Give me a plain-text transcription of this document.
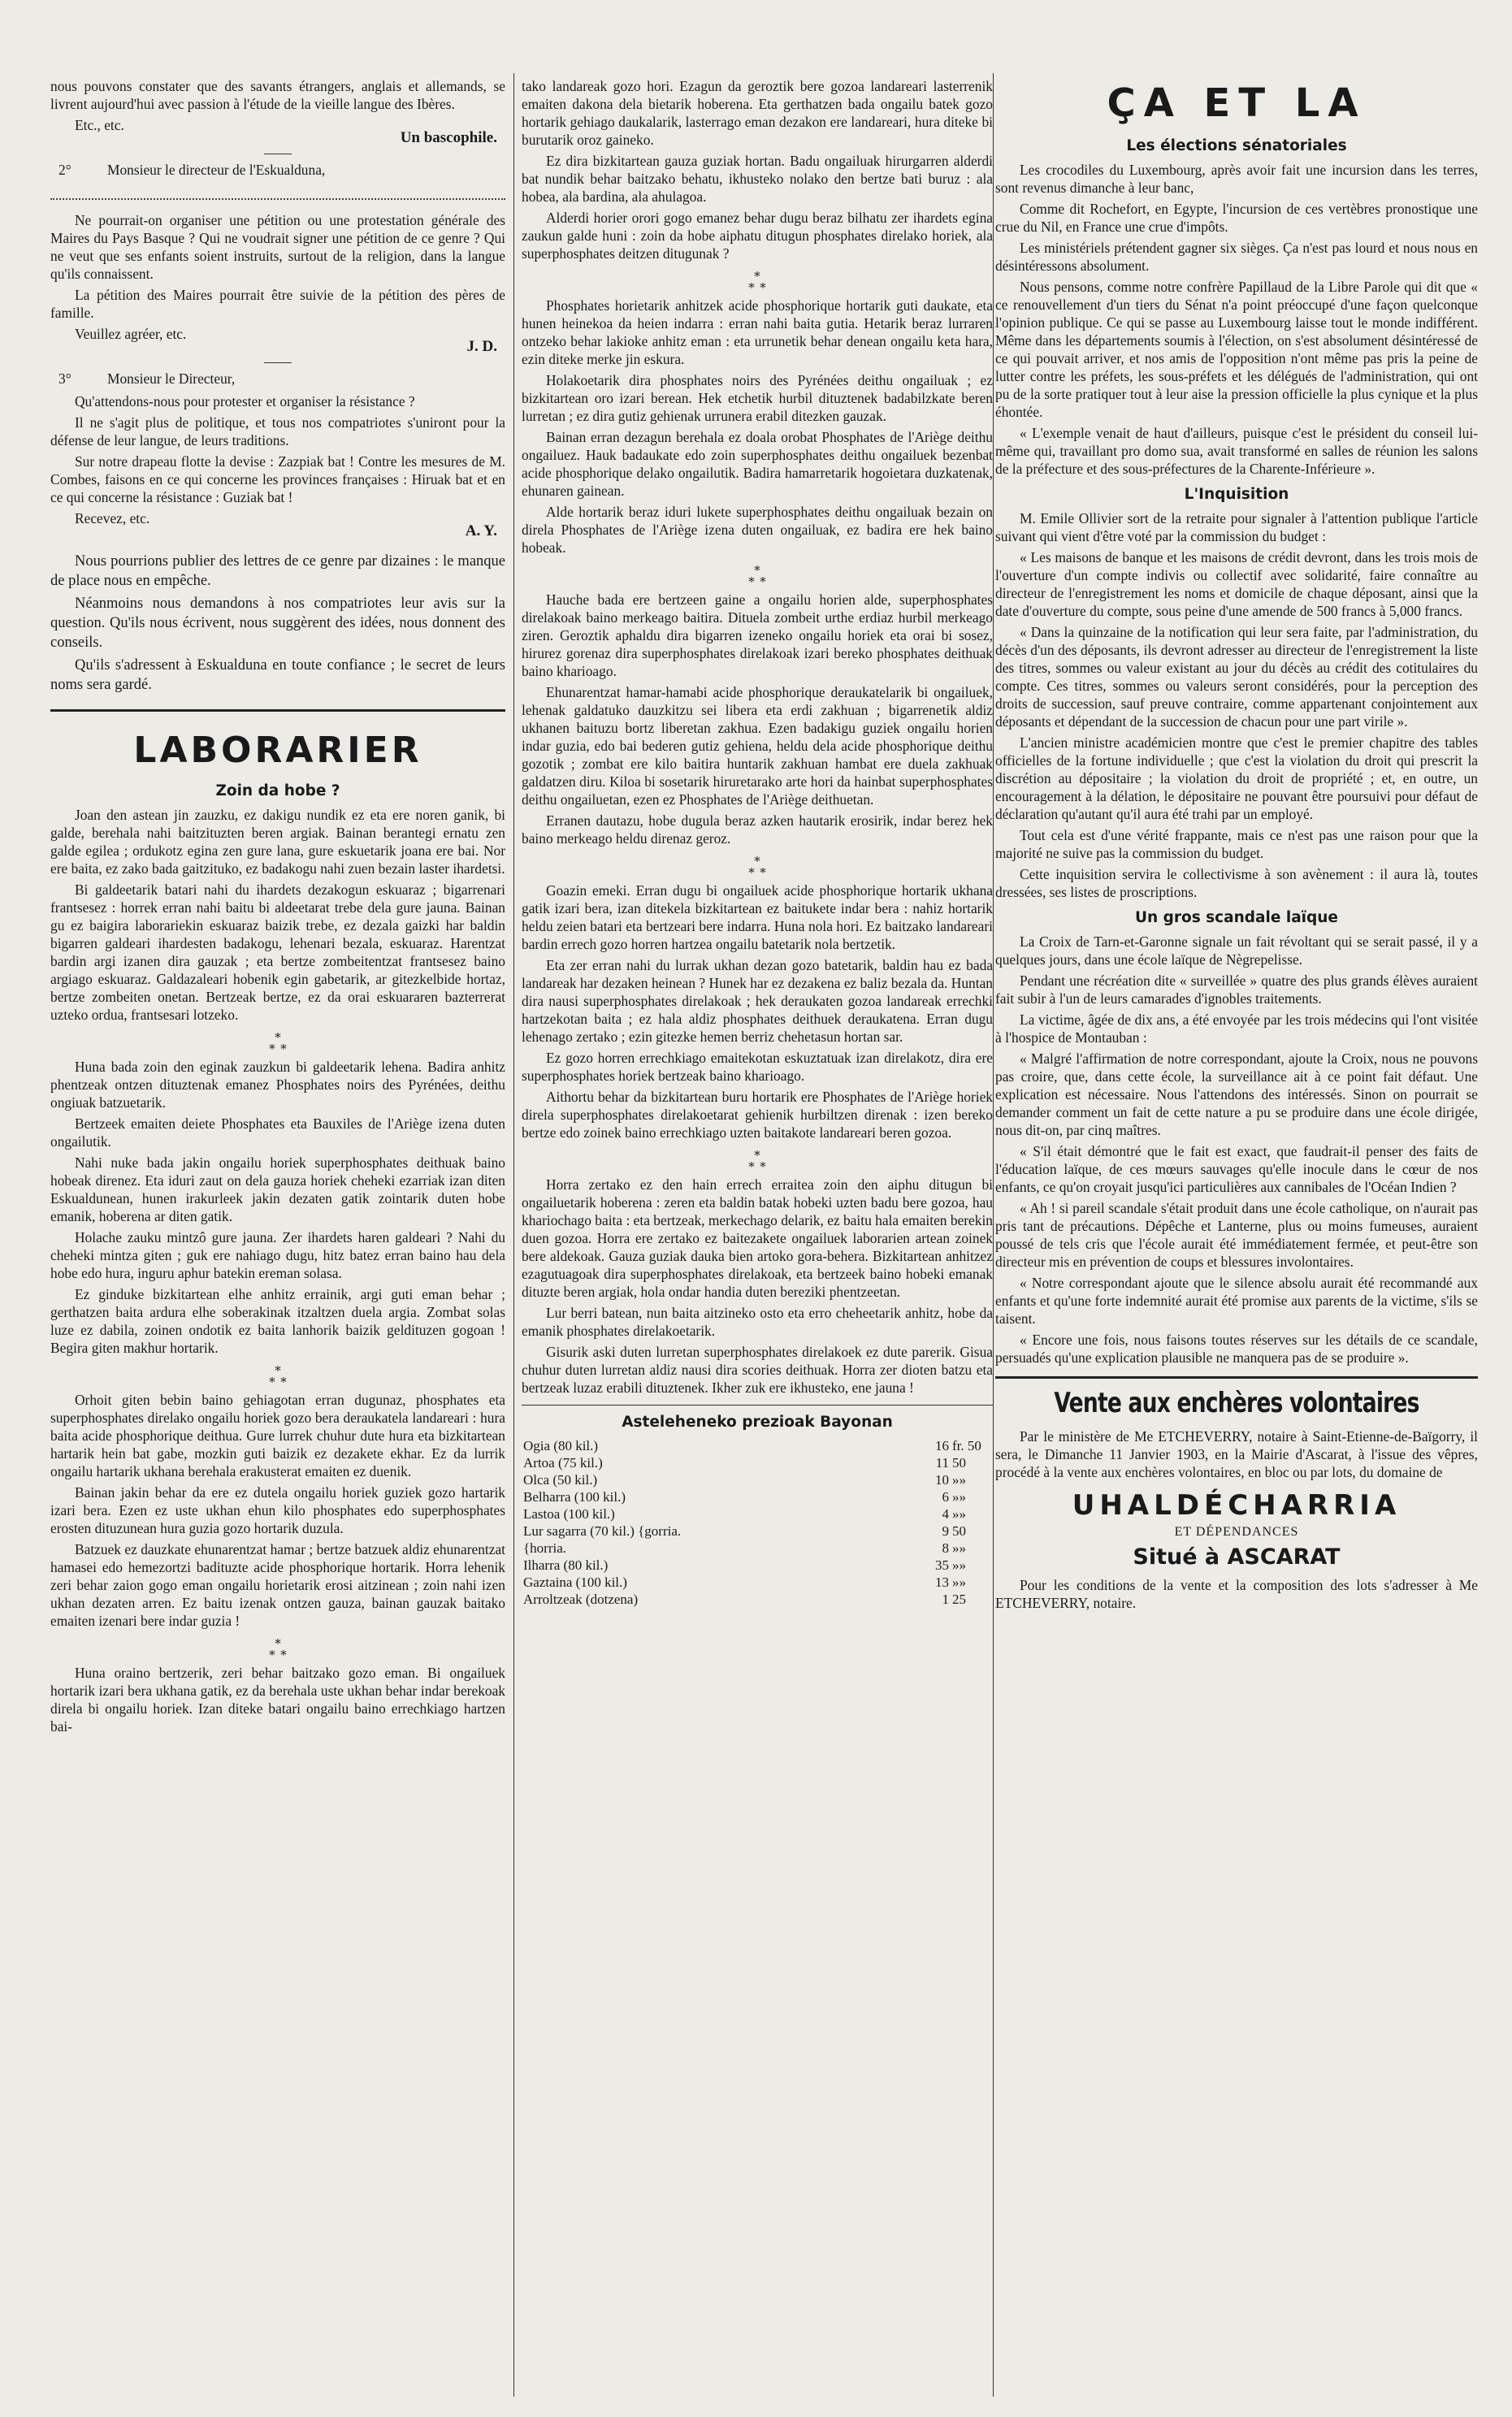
nous pouvons constater que des savants étrangers, anglais et allemands, se livrent aujourd'hui avec passion à l'étude de la vieille langue des Ibères.

Etc., etc.

Un bascophile.
2°	Monsieur le directeur de l'Eskualduna,

Ne pourrait-on organiser une pétition ou une protestation générale des Maires du Pays Basque ? Qui ne voudrait signer une pétition de ce genre ? Qui ne veut que ses enfants soient instruits, surtout de la religion, dans la langue qu'ils connaissent.

La pétition des Maires pourrait être suivie de la pétition des pères de famille.

Veuillez agréer, etc.

J. D.
3°	Monsieur le Directeur,

Qu'attendons-nous pour protester et organiser la résistance ?

Il ne s'agit plus de politique, et tous nos compatriotes s'uniront pour la défense de leur langue, de leurs traditions.

Sur notre drapeau flotte la devise : Zazpiak bat ! Contre les mesures de M. Combes, faisons en ce qui concerne les provinces françaises : Hiruak bat et en ce qui concerne la résistance : Guziak bat !

Recevez, etc.

A. Y.

Nous pourrions publier des lettres de ce genre par dizaines : le manque de place nous en empêche.

Néanmoins nous demandons à nos compatriotes leur avis sur la question. Qu'ils nous écrivent, nous suggèrent des idées, nous donnent des conseils.

Qu'ils s'adressent à Eskualduna en toute confiance ; le secret de leurs noms sera gardé.

LABORARIER
Zoin da hobe ?

Joan den astean jin zauzku, ez dakigu nundik ez eta ere noren ganik, bi galde, berehala nahi baitzituzten beren argiak. Bainan berantegi ernatu zen galde egilea ; ordukotz egina zen gure lana, gure eskuetarik joana ere bai. Nor ere baita, ez zako bada gaitzituko, ez badakogu nahi zuen bezain laster ihardetsi.

Bi galdeetarik batari nahi du ihardets dezakogun eskuaraz ; bigarrenari frantsesez : horrek erran nahi baitu bi aldeetarat trebe dela gure jauna. Bainan gu ez baigira laborariekin eskuaraz baizik trebe, ez dezala gaizki har baldin bigarren galdeari ihardesten badakogu, lehenari bezala, eskuaraz. Harentzat bardin argi izanen dira gauzak ; eta bertze zombeitentzat frantsesez baino argiago eskuaraz. Galdazaleari hobenik egin gabetarik, ar gitezkelbide hortaz, bertze zombeiten onetan. Bertzeak bertze, ez da orai eskuararen bazterrerat uzteko ordua, frantsesari lotzeko.

∗
∗ ∗

Huna bada zoin den eginak zauzkun bi galdeetarik lehena. Badira anhitz phentzeak ontzen dituztenak emanez Phosphates noirs des Pyrénées, deithu ongiuak batzuetarik.

Bertzeek emaiten deiete Phosphates eta Bauxiles de l'Ariège izena duten ongailutik.

Nahi nuke bada jakin ongailu horiek superphosphates deithuak baino hobeak direnez. Eta iduri zaut on dela gauza horiek cheheki ezarriak izan diten Eskualdunean, hunen irakurleek jakin dezaten gatik zointarik duten hobe emanik, hoberena ar diten gatik.

Holache zauku mintzô gure jauna. Zer ihardets haren galdeari ? Nahi du cheheki mintza giten ; guk ere nahiago dugu, hitz batez erran baino hau dela hobe edo hura, inguru aphur batekin ereman solasa.

Ez ginduke bizkitartean elhe anhitz errainik, argi guti eman behar ; gerthatzen baita ardura elhe soberakinak itzaltzen duela argia. Zombat solas luze ez dabila, zoinen ondotik ez baita lanhorik baizik geldituzen gogoan ! Begira giten makhur hortarik.

∗
∗ ∗

Orhoit giten bebin baino gehiagotan erran dugunaz, phosphates eta superphosphates direlako ongailu horiek gozo bera deraukatela landareari : hura baita acide phosphorique deithua. Gure lurrek chuhur dute hura eta bizkitartean hartarik hein bat gabe, mozkin guti baizik ez dezakete ekhar. Ez da lurrik ongailu hartarik ukhana berehala erakusterat emaiten ez duenik.

Bainan jakin behar da ere ez dutela ongailu horiek guziek gozo hartarik izari bera. Ezen ez uste ukhan ehun kilo phosphates edo superphosphates erosten dituzunean hura guzia gozo hortarik duzula.

Batzuek ez dauzkate ehunarentzat hamar ; bertze batzuek aldiz ehunarentzat hamasei edo hemezortzi badituzte acide phosphorique hortarik. Horra lehenik zeri behar zaion gogo eman ongailu horietarik erosi aitzinean ; zoin nahi izen ukhan dezaten arren. Ez baitu izenak ontzen gauza, bainan gauzak baitako emaiten izenari bere indar guzia !

∗
∗ ∗

Huna oraino bertzerik, zeri behar baitzako gozo eman. Bi ongailuek hortarik izari bera ukhana gatik, ez da berehala uste ukhan behar indar berekoak direla bi ongailu horiek. Izan diteke batari ongailu baino errechkiago hartzen bai-

tako landareak gozo hori. Ezagun da geroztik bere gozoa landareari lasterrenik emaiten dakona dela bietarik hoberena. Eta gerthatzen bada ongailu batek gozo hortarik gehiago daukalarik, lasterrago eman dezakon ere landareari, hura diteke bi burutarik oroz gaineko.

Ez dira bizkitartean gauza guziak hortan. Badu ongailuak hirurgarren alderdi bat nundik behar baitzako behatu, ikhusteko nolako den bertze bati buruz : ala hobea, ala bardina, ala ahulagoa.

Alderdi horier orori gogo emanez behar dugu beraz bilhatu zer ihardets egina zaukun galde huni : zoin da hobe aiphatu ditugun phosphates direlako horiek, ala superphosphates deitzen ditugunak ?

∗
∗ ∗

Phosphates horietarik anhitzek acide phosphorique hortarik guti daukate, eta hunen heinekoa da heien indarra : erran nahi baita gutia. Hetarik beraz lurraren ontzeko behar lakioke anhitz eman : eta urrunetik behar denean ongailu keta hara, ezin diteke merke jin eskura.

Holakoetarik dira phosphates noirs des Pyrénées deithu ongailuak ; ez bizkitartean oro izari berean. Hek etchetik hurbil dituztenek badabilzkate beren lurretan ; ez dira gutiz gehienak urrunera erabil ditezken gauzak.

Bainan erran dezagun berehala ez doala orobat Phosphates de l'Ariège deithu ongailuez. Hauk badaukate edo zoin superphosphates deithu ongailuek bezenbat acide phosphorique delako ongailutik. Badira hamarretarik hogoietara duzkatenak, ehunaren gainean.

Alde hortarik beraz iduri lukete superphosphates deithu ongailuak bezain on direla Phosphates de l'Ariège izena duten ongailuak, ez badira ere hek baino hobeak.

∗
∗ ∗

Hauche bada ere bertzeen gaine a ongailu horien alde, superphosphates direlakoak baino merkeago baitira. Dituela zombeit urthe erdiaz hurbil merkeago ziren. Geroztik aphaldu dira bigarren izeneko ongailu horiek eta orai bi sosez, hirurez gorenaz dira superphosphates direlakoak izari bereko phosphates deithuak baino kharioago.

Ehunarentzat hamar-hamabi acide phosphorique deraukatelarik bi ongailuek, lehenak galdatuko dauzkitzu sei libera eta erdi zakhuan ; bigarrenetik aldiz ukhanen baituzu bortz liberetan zakhua. Ezen badakigu guziek ongailu horien indar guzia, edo bai bederen gutiz gehiena, heldu dela acide phosphorique deithu gozotik ; zombat ere kilo baitira huntarik zakhuan hambat ere duela zakhuak galdatzen diru. Kiloa bi sosetarik hiruretarako arte hori da hainbat superphosphates deithu ongailuetan, ezen ez Phosphates de l'Ariège deithuetan.

Erranen dautazu, hobe dugula beraz azken hautarik erosirik, indar berez hek baino merkeago heldu direnaz geroz.

∗
∗ ∗

Goazin emeki. Erran dugu bi ongailuek acide phosphorique hortarik ukhana gatik izari bera, izan ditekela bizkitartean ez baitukete indar bera : nahiz hortarik heldu zeien batari eta bertzeari bere indarra. Huna nola hori. Ez baitzako landareari bardin errech gozo horren hartzea ongailu batetarik nola bertzetik.

Eta zer erran nahi du lurrak ukhan dezan gozo batetarik, baldin hau ez bada landareak har dezaken heinean ? Hunek har ez dezakena ez baliz bezala da. Huntan dira nausi superphosphates direlakoak ; hek deraukaten gozoa landareak errechki hartzekotan baita ; ez hala aldiz phosphates deithuek deraukatena. Erran dugu lehenago zertako ; ezin gitezke hemen berriz chehetasun hortan sar.

Ez gozo horren errechkiago emaitekotan eskuztatuak izan direlakotz, dira ere superphosphates horiek bertzeak baino kharioago.

Aithortu behar da bizkitartean buru hortarik ere Phosphates de l'Ariège horiek direla superphosphates direlakoetarat gehienik hurbiltzen direnak : izen bereko bertze edo zoinek baino errechkiago uzten baitakote landareari beren gozoa.

∗
∗ ∗

Horra zertako ez den hain errech erraitea zoin den aiphu ditugun bi ongailuetarik hoberena : zeren eta baldin batak hobeki uzten badu bere gozoa, hau khariochago baita : eta bertzeak, merkechago delarik, ez baitu hala emaiten berekin duen gozoa. Horra ere zertako ez baitezakete ongailuek laborarien artean zoinek bere aldekoak. Gauza guziak dauka bien artoko gora-behera. Bizkitartean anhitzez ezagutuagoak dira superphosphates direlakoak, eta bertzeek baino hobeki emanak dituzte beren argiak, hola ondar handia duten bereziki phentzeetan.

Lur berri batean, nun baita aitzineko osto eta erro cheheetarik anhitz, hobe da emanik phosphates direlakoetarik.

Gisurik aski duten lurretan superphosphates direlakoek ez dute parerik. Gisua chuhur duten lurretan aldiz nausi dira scories deithuak. Horra zer dioten batzu eta bertzeak luzaz erabili dituztenek. Ikher zuk ere ikhusteko, ene jauna !

Asteleheneko prezioak Bayonan
Ogia (80 kil.)	16	fr. 50
Artoa (75 kil.)	11	50
Olca (50 kil.)	10	»»
Belharra (100 kil.)	6	»»
Lastoa (100 kil.)	4	»»
Lur sagarra (70 kil.) {gorria.	9	50
{horria.	8	»»
Ilharra (80 kil.)	35	»»
Gaztaina (100 kil.)	13	»»
Arroltzeak (dotzena)	1	25
ÇA ET LA
Les élections sénatoriales

Les crocodiles du Luxembourg, après avoir fait une incursion dans les terres, sont revenus dimanche à leur banc,

Comme dit Rochefort, en Egypte, l'incursion de ces vertèbres pronostique une crue du Nil, en France une crue d'impôts.

Les ministériels prétendent gagner six sièges. Ça n'est pas lourd et nous nous en désintéressons absolument.

Nous pensons, comme notre confrère Papillaud de la Libre Parole qui dit que « ce renouvellement d'un tiers du Sénat n'a point préoccupé d'une façon quelconque l'opinion publique. Ce qui se passe au Luxembourg laisse tout le monde indifférent. Même dans les départements soumis à l'élection, on s'est absolument désintéressé de ce qui pouvait arriver, et nos amis de l'opposition n'ont même pas pris la peine de lutter contre les préfets, les sous-préfets et les délégués de l'administration, qui ont pu de la sorte pratiquer tout à leur aise la pression officielle la plus cynique et la plus éhontée.

« L'exemple venait de haut d'ailleurs, puisque c'est le président du conseil lui-même qui, travaillant pro domo sua, avait transformé en salles de réunion les salons de la préfecture et des sous-préfectures de la Charente-Inférieure ».

L'Inquisition

M. Emile Ollivier sort de la retraite pour signaler à l'attention publique l'article suivant qui vient d'être voté par la commission du budget :

« Les maisons de banque et les maisons de crédit devront, dans les trois mois de l'ouverture d'un compte indivis ou collectif avec solidarité, faire connaître au directeur de l'enregistrement les noms et domicile de chaque déposant, ainsi que la date d'ouverture du compte, sous peine d'une amende de 500 francs à 5,000 francs.

« Dans la quinzaine de la notification qui leur sera faite, par l'administration, du décès d'un des déposants, ils devront adresser au directeur de l'enregistrement la liste des titres, sommes ou valeur existant au jour du décès au crédit des cotitulaires du compte. Ces titres, sommes ou valeurs seront considérés, pour la perception des droits de succession, sauf preuve contraire, comme appartenant conjointement aux déposants et dépendant de la succession de chacun pour une part virile ».

L'ancien ministre académicien montre que c'est le premier chapitre des tables officielles de la fortune individuelle ; que c'est la violation du droit qui prescrit la discrétion au dépositaire ; la violation du droit de propriété ; et, en outre, un encouragement à la délation, le dépositaire ne pouvant être poursuivi pour défaut de déclaration qu'autant qu'il aura été trahi par un employé.

Tout cela est d'une vérité frappante, mais ce n'est pas une raison pour que la majorité ne suive pas la commission du budget.

Cette inquisition servira le collectivisme à son avènement : il aura là, toutes dressées, ses listes de proscriptions.

Un gros scandale laïque

La Croix de Tarn-et-Garonne signale un fait révoltant qui se serait passé, il y a quelques jours, dans une école laïque de Nègrepelisse.

Pendant une récréation dite « surveillée » quatre des plus grands élèves auraient fait subir à l'un de leurs camarades d'ignobles traitements.

La victime, âgée de dix ans, a été envoyée par les trois médecins qui l'ont visitée à l'hospice de Montauban :

« Malgré l'affirmation de notre correspondant, ajoute la Croix, nous ne pouvons pas croire, que, dans cette école, la surveillance ait à ce point fait défaut. Une explication est nécessaire. Nous l'attendons des intéressés. Sinon on pourrait se demander comment un fait de cette nature a pu se produire dans une école dirigée, nous dit-on, par cinq maîtres.

« S'il était démontré que le fait est exact, que faudrait-il penser des faits de l'éducation laïque, de ces mœurs sauvages qu'elle inocule dans le cœur de nos enfants, ce qu'on croyait jusqu'ici particulières aux cannibales de l'Océan Indien ?

« Ah ! si pareil scandale s'était produit dans une école catholique, on n'aurait pas pris tant de précautions. Dépêche et Lanterne, plus ou moins fumeuses, auraient poussé de tels cris que l'école aurait été immédiatement fermée, et peut-être son directeur mis en prévention de coups et blessures involontaires.

« Notre correspondant ajoute que le silence absolu aurait été recommandé aux enfants et qu'une forte indemnité aurait été promise aux parents de la victime, s'ils se taisent.

« Encore une fois, nous faisons toutes réserves sur les détails de ce scandale, persuadés qu'une explication plausible ne manquera pas de se produire ».

Vente aux enchères volontaires

Par le ministère de Me ETCHEVERRY, notaire à Saint-Etienne-de-Baïgorry, il sera, le Dimanche 11 Janvier 1903, en la Mairie d'Ascarat, à l'issue des vêpres, procédé à la vente aux enchères volontaires, en bloc ou par lots, du domaine de

UHALDÉCHARRIA
ET DÉPENDANCES
Situé à ASCARAT

Pour les conditions de la vente et la composition des lots s'adresser à Me ETCHEVERRY, notaire.
